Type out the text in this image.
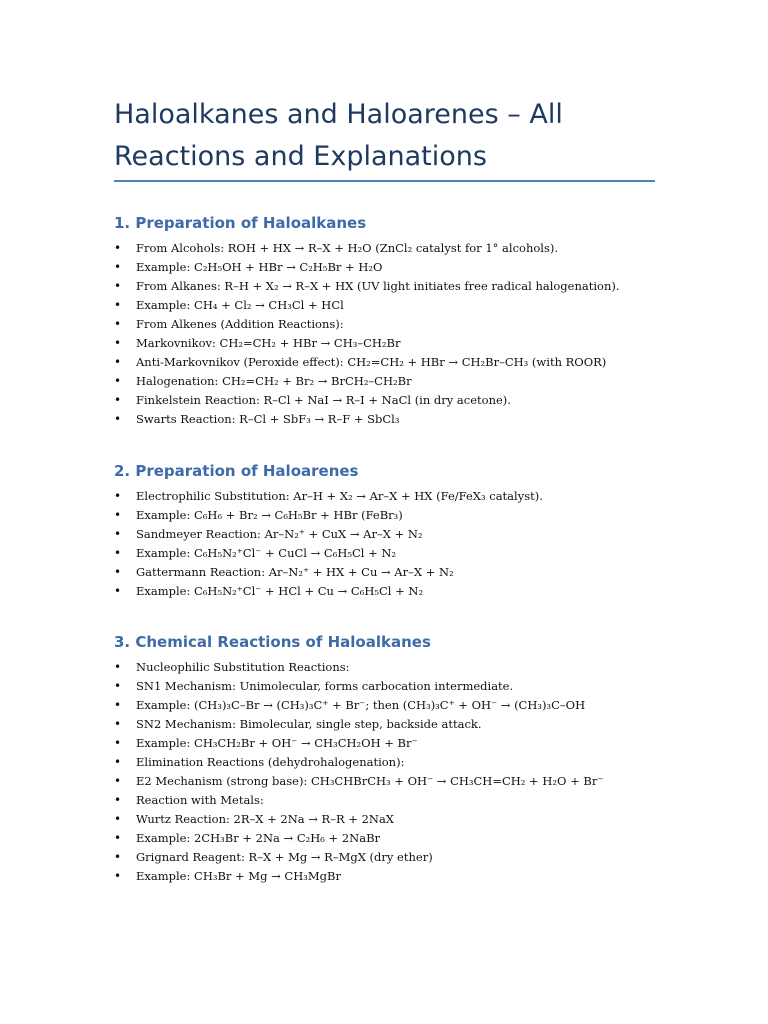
Haloalkanes and Haloarenes – All Reactions and Explanations
1. Preparation of Haloalkanes
• From Alcohols: ROH + HX → R–X + H₂O (ZnCl₂ catalyst for 1° alcohols).
• Example: C₂H₅OH + HBr → C₂H₅Br + H₂O
• From Alkanes: R–H + X₂ → R–X + HX (UV light initiates free radical halogenation).
• Example: CH₄ + Cl₂ → CH₃Cl + HCl
• From Alkenes (Addition Reactions):
• Markovnikov: CH₂=CH₂ + HBr → CH₃–CH₂Br
• Anti-Markovnikov (Peroxide effect): CH₂=CH₂ + HBr → CH₂Br–CH₃ (with ROOR)
• Halogenation: CH₂=CH₂ + Br₂ → BrCH₂–CH₂Br
• Finkelstein Reaction: R–Cl + NaI → R–I + NaCl (in dry acetone).
• Swarts Reaction: R–Cl + SbF₃ → R–F + SbCl₃
2. Preparation of Haloarenes
• Electrophilic Substitution: Ar–H + X₂ → Ar–X + HX (Fe/FeX₃ catalyst).
• Example: C₆H₆ + Br₂ → C₆H₅Br + HBr (FeBr₃)
• Sandmeyer Reaction: Ar–N₂⁺ + CuX → Ar–X + N₂
• Example: C₆H₅N₂⁺Cl⁻ + CuCl → C₆H₅Cl + N₂
• Gattermann Reaction: Ar–N₂⁺ + HX + Cu → Ar–X + N₂
• Example: C₆H₅N₂⁺Cl⁻ + HCl + Cu → C₆H₅Cl + N₂
3. Chemical Reactions of Haloalkanes
• Nucleophilic Substitution Reactions:
• SN1 Mechanism: Unimolecular, forms carbocation intermediate.
• Example: (CH₃)₃C–Br → (CH₃)₃C⁺ + Br⁻; then (CH₃)₃C⁺ + OH⁻ → (CH₃)₃C–OH
• SN2 Mechanism: Bimolecular, single step, backside attack.
• Example: CH₃CH₂Br + OH⁻ → CH₃CH₂OH + Br⁻
• Elimination Reactions (dehydrohalogenation):
• E2 Mechanism (strong base): CH₃CHBrCH₃ + OH⁻ → CH₃CH=CH₂ + H₂O + Br⁻
• Reaction with Metals:
• Wurtz Reaction: 2R–X + 2Na → R–R + 2NaX
• Example: 2CH₃Br + 2Na → C₂H₆ + 2NaBr
• Grignard Reagent: R–X + Mg → R–MgX (dry ether)
• Example: CH₃Br + Mg → CH₃MgBr
